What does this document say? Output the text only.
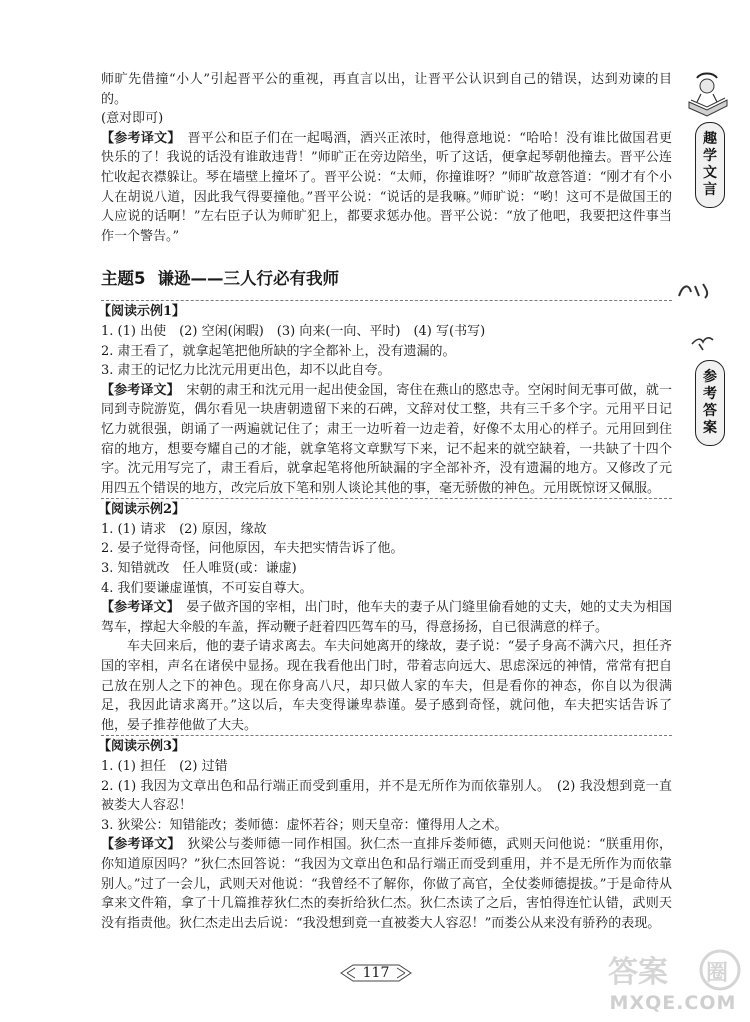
趣
学
文
言
参
考
答
案

师旷先借撞“小人”引起晋平公的重视，再直言以出，让晋平公认识到自己的错误，达到劝谏的目的。

(意对即可)

【参考译文】　 晋平公和臣子们在一起喝酒，酒兴正浓时，他得意地说：“哈哈！没有谁比做国君更快乐的了！我说的话没有谁敢违背！”师旷正在旁边陪坐，听了这话，便拿起琴朝他撞去。晋平公连忙收起衣襟躲让。琴在墙壁上撞坏了。晋平公说：“太师，你撞谁呀？”师旷故意答道：“刚才有个小人在胡说八道，因此我气得要撞他。”晋平公说：“说话的是我嘛。”师旷说：“哟！这可不是做国王的人应说的话啊！”左右臣子认为师旷犯上，都要求惩办他。晋平公说：“放了他吧，我要把这件事当作一个警告。”

主题5 谦逊——三人行必有我师

【阅读示例1】

1. (1) 出使　(2) 空闲(闲暇)　(3) 向来(一向、平时)　(4) 写(书写)

2. 肃王看了，就拿起笔把他所缺的字全都补上，没有遗漏的。

3. 肃王的记忆力比沈元用更出色，却不以此自夸。

【参考译文】　 宋朝的肃王和沈元用一起出使金国，寄住在燕山的愍忠寺。空闲时间无事可做，就一同到寺院游览，偶尔看见一块唐朝遗留下来的石碑，文辞对仗工整，共有三千多个字。元用平日记忆力就很强，朗诵了一两遍就记住了；肃王一边听着一边走着，好像不太用心的样子。元用回到住宿的地方，想要夸耀自己的才能，就拿笔将文章默写下来，记不起来的就空缺着，一共缺了十四个字。沈元用写完了，肃王看后，就拿起笔将他所缺漏的字全部补齐，没有遗漏的地方。又修改了元用四五个错误的地方，改完后放下笔和别人谈论其他的事，毫无骄傲的神色。元用既惊讶又佩服。

【阅读示例2】

1. (1) 请求　(2) 原因，缘故

2. 晏子觉得奇怪，问他原因，车夫把实情告诉了他。

3. 知错就改　任人唯贤(或：谦虚)

4. 我们要谦虚谨慎，不可妄自尊大。

【参考译文】　 晏子做齐国的宰相，出门时，他车夫的妻子从门缝里偷看她的丈夫，她的丈夫为相国驾车，撑起大伞般的车盖，挥动鞭子赶着四匹驾车的马，得意扬扬，自已很满意的样子。

车夫回来后，他的妻子请求离去。车夫问她离开的缘故，妻子说：“晏子身高不满六尺，担任齐国的宰相，声名在诸侯中显扬。现在我看他出门时，带着志向远大、思虑深远的神情，常常有把自己放在别人之下的神色。现在你身高八尺，却只做人家的车夫，但是看你的神态，你自以为很满足，我因此请求离开。”这以后，车夫变得谦卑恭谨。晏子感到奇怪，就问他，车夫把实话告诉了他，晏子推荐他做了大夫。

【阅读示例3】

1. (1) 担任　(2) 过错

2. (1) 我因为文章出色和品行端正而受到重用，并不是无所作为而依靠别人。　(2) 我没想到竟一直被娄大人容忍！

3. 狄梁公：知错能改；娄师德：虚怀若谷；则天皇帝：懂得用人之术。

【参考译文】　 狄梁公与娄师德一同作相国。狄仁杰一直排斥娄师德，武则天问他说：“朕重用你，你知道原因吗？”狄仁杰回答说：“我因为文章出色和品行端正而受到重用，并不是无所作为而依靠别人。”过了一会儿，武则天对他说：“我曾经不了解你，你做了高官，全仗娄师德提拔。”于是命待从拿来文件箱，拿了十几篇推荐狄仁杰的奏折给狄仁杰。狄仁杰读了之后，害怕得连忙认错，武则天没有指责他。狄仁杰走出去后说：“我没想到竟一直被娄大人容忍！”而娄公从来没有骄矜的表现。

117	答案 圈
MXQE.COM
